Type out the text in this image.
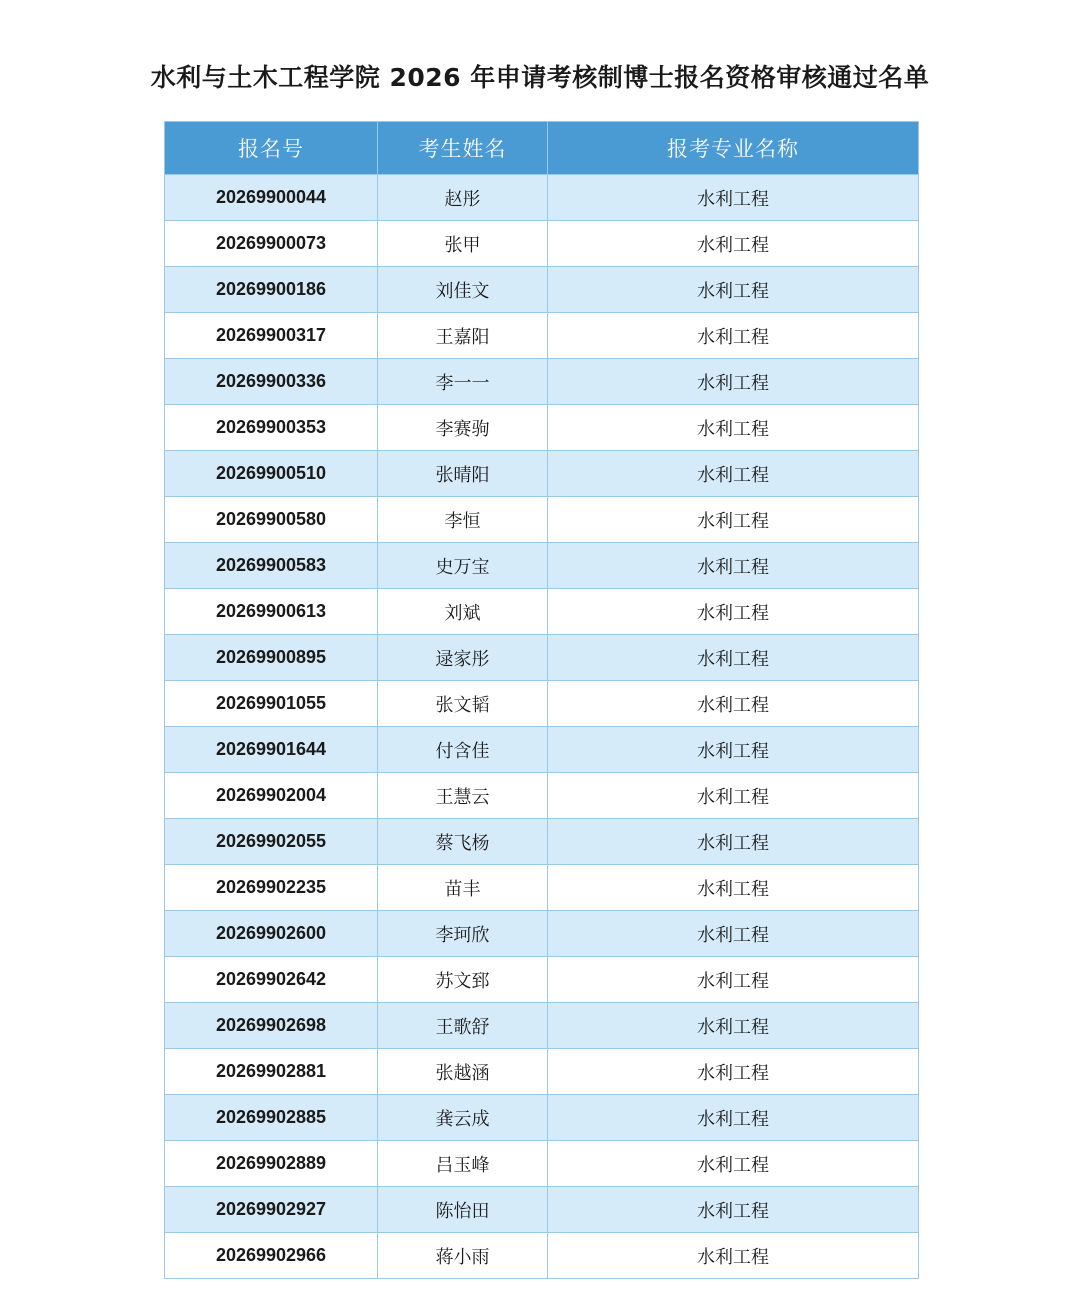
水利与土木工程学院 2026 年申请考核制博士报名资格审核通过名单
报名号	考生姓名	报考专业名称
20269900044	赵彤	水利工程
20269900073	张甲	水利工程
20269900186	刘佳文	水利工程
20269900317	王嘉阳	水利工程
20269900336	李一一	水利工程
20269900353	李赛驹	水利工程
20269900510	张晴阳	水利工程
20269900580	李恒	水利工程
20269900583	史万宝	水利工程
20269900613	刘斌	水利工程
20269900895	逯家彤	水利工程
20269901055	张文韬	水利工程
20269901644	付含佳	水利工程
20269902004	王慧云	水利工程
20269902055	蔡飞杨	水利工程
20269902235	苗丰	水利工程
20269902600	李珂欣	水利工程
20269902642	苏文郅	水利工程
20269902698	王歌舒	水利工程
20269902881	张越涵	水利工程
20269902885	龚云成	水利工程
20269902889	吕玉峰	水利工程
20269902927	陈怡田	水利工程
20269902966	蒋小雨	水利工程
